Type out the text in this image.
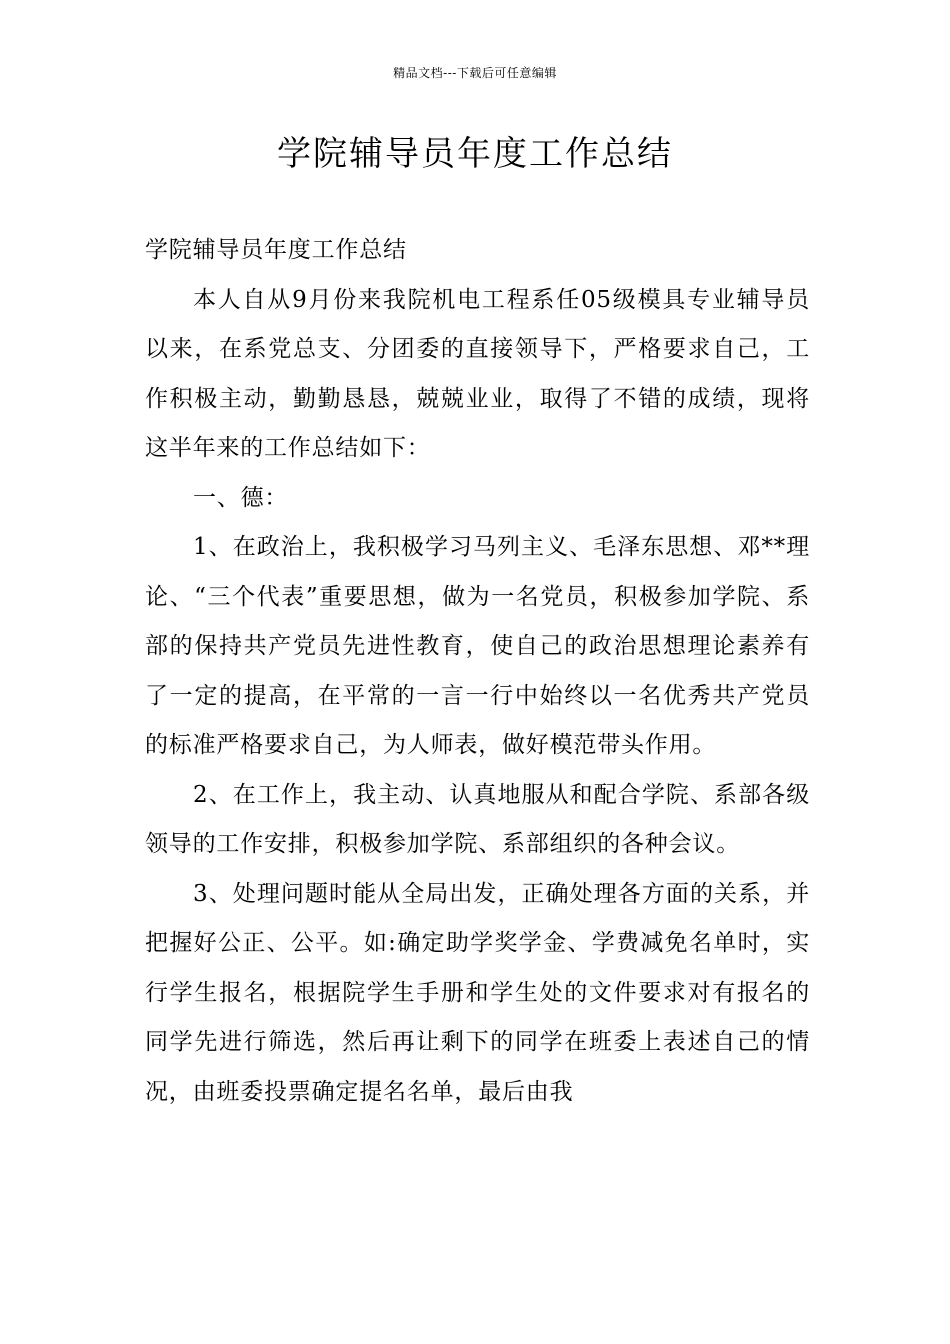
精品文档---下载后可任意编辑
学院辅导员年度工作总结

学院辅导员年度工作总结

本人自从9月份来我院机电工程系任05级模具专业辅导员以来，在系党总支、分团委的直接领导下，严格要求自己，工作积极主动，勤勤恳恳，兢兢业业，取得了不错的成绩，现将这半年来的工作总结如下：

一、德：

1、在政治上，我积极学习马列主义、毛泽东思想、邓**理论、“三个代表”重要思想，做为一名党员，积极参加学院、系部的保持共产党员先进性教育，使自己的政治思想理论素养有了一定的提高，在平常的一言一行中始终以一名优秀共产党员的标准严格要求自己，为人师表，做好模范带头作用。

2、在工作上，我主动、认真地服从和配合学院、系部各级领导的工作安排，积极参加学院、系部组织的各种会议。

3、处理问题时能从全局出发，正确处理各方面的关系，并把握好公正、公平。如:确定助学奖学金、学费减免名单时，实行学生报名，根据院学生手册和学生处的文件要求对有报名的同学先进行筛选，然后再让剩下的同学在班委上表述自己的情况，由班委投票确定提名名单，最后由我
